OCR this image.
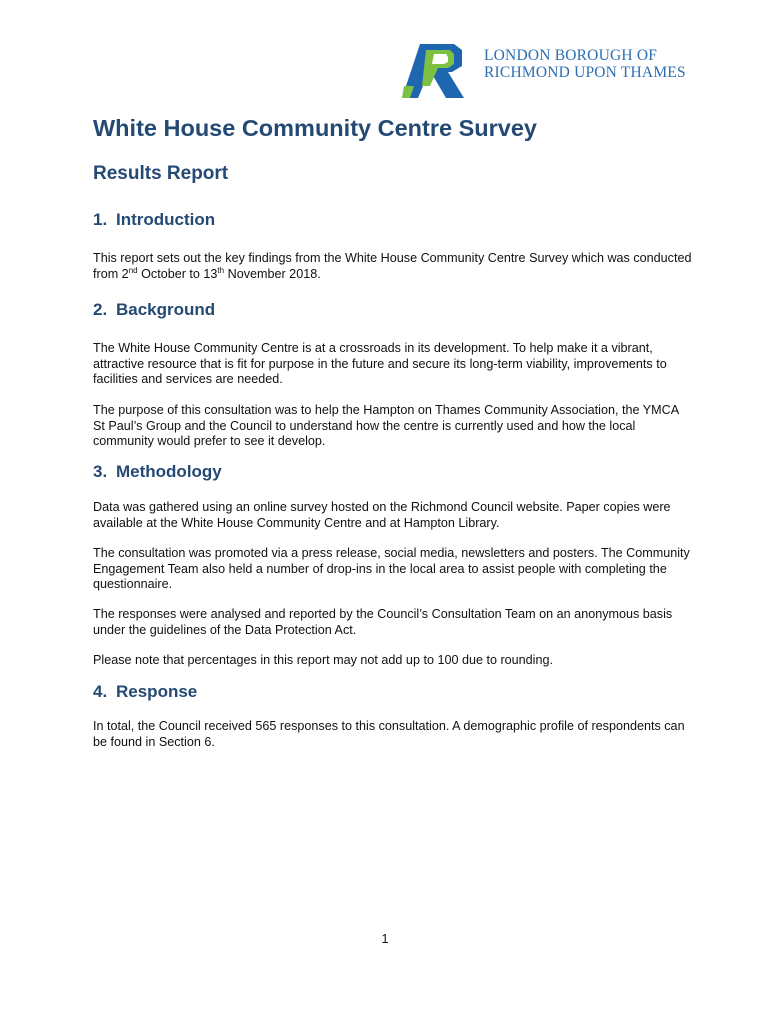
LONDON BOROUGH OF
RICHMOND UPON THAMES
White House Community Centre Survey
Results Report
1. Introduction

This report sets out the key findings from the White House Community Centre Survey which was conducted from 2nd October to 13th November 2018.

2. Background

The White House Community Centre is at a crossroads in its development. To help make it a vibrant, attractive resource that is fit for purpose in the future and secure its long-term viability, improvements to facilities and services are needed.

The purpose of this consultation was to help the Hampton on Thames Community Association, the YMCA St Paul’s Group and the Council to understand how the centre is currently used and how the local community would prefer to see it develop.

3. Methodology

Data was gathered using an online survey hosted on the Richmond Council website. Paper copies were available at the White House Community Centre and at Hampton Library.

The consultation was promoted via a press release, social media, newsletters and posters. The Community Engagement Team also held a number of drop-ins in the local area to assist people with completing the questionnaire.

The responses were analysed and reported by the Council’s Consultation Team on an anonymous basis under the guidelines of the Data Protection Act.

Please note that percentages in this report may not add up to 100 due to rounding.

4. Response

In total, the Council received 565 responses to this consultation. A demographic profile of respondents can be found in Section 6.

1
